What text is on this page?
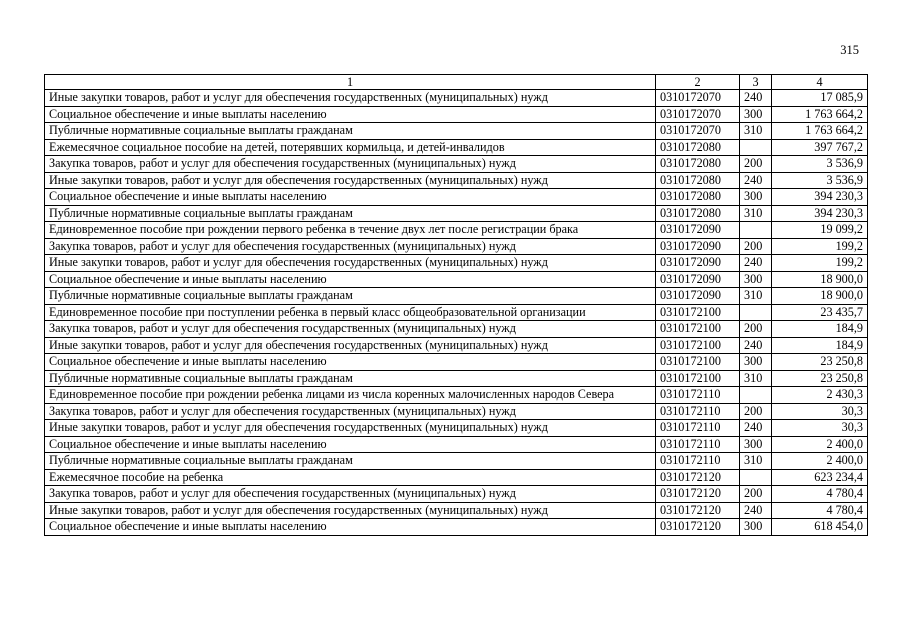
315
1	2	3	4
Иные закупки товаров, работ и услуг для обеспечения государственных (муниципальных) нужд	0310172070	240	17 085,9
Социальное обеспечение и иные выплаты населению	0310172070	300	1 763 664,2
Публичные нормативные социальные выплаты гражданам	0310172070	310	1 763 664,2
Ежемесячное социальное пособие на детей, потерявших кормильца, и детей-инвалидов	0310172080		397 767,2
Закупка товаров, работ и услуг для обеспечения государственных (муниципальных) нужд	0310172080	200	3 536,9
Иные закупки товаров, работ и услуг для обеспечения государственных (муниципальных) нужд	0310172080	240	3 536,9
Социальное обеспечение и иные выплаты населению	0310172080	300	394 230,3
Публичные нормативные социальные выплаты гражданам	0310172080	310	394 230,3
Единовременное пособие при рождении первого ребенка в течение двух лет после регистрации брака	0310172090		19 099,2
Закупка товаров, работ и услуг для обеспечения государственных (муниципальных) нужд	0310172090	200	199,2
Иные закупки товаров, работ и услуг для обеспечения государственных (муниципальных) нужд	0310172090	240	199,2
Социальное обеспечение и иные выплаты населению	0310172090	300	18 900,0
Публичные нормативные социальные выплаты гражданам	0310172090	310	18 900,0
Единовременное пособие при поступлении ребенка в первый класс общеобразовательной организации	0310172100		23 435,7
Закупка товаров, работ и услуг для обеспечения государственных (муниципальных) нужд	0310172100	200	184,9
Иные закупки товаров, работ и услуг для обеспечения государственных (муниципальных) нужд	0310172100	240	184,9
Социальное обеспечение и иные выплаты населению	0310172100	300	23 250,8
Публичные нормативные социальные выплаты гражданам	0310172100	310	23 250,8
Единовременное пособие при рождении ребенка лицами из числа коренных малочисленных народов Севера	0310172110		2 430,3
Закупка товаров, работ и услуг для обеспечения государственных (муниципальных) нужд	0310172110	200	30,3
Иные закупки товаров, работ и услуг для обеспечения государственных (муниципальных) нужд	0310172110	240	30,3
Социальное обеспечение и иные выплаты населению	0310172110	300	2 400,0
Публичные нормативные социальные выплаты гражданам	0310172110	310	2 400,0
Ежемесячное пособие на ребенка	0310172120		623 234,4
Закупка товаров, работ и услуг для обеспечения государственных (муниципальных) нужд	0310172120	200	4 780,4
Иные закупки товаров, работ и услуг для обеспечения государственных (муниципальных) нужд	0310172120	240	4 780,4
Социальное обеспечение и иные выплаты населению	0310172120	300	618 454,0
